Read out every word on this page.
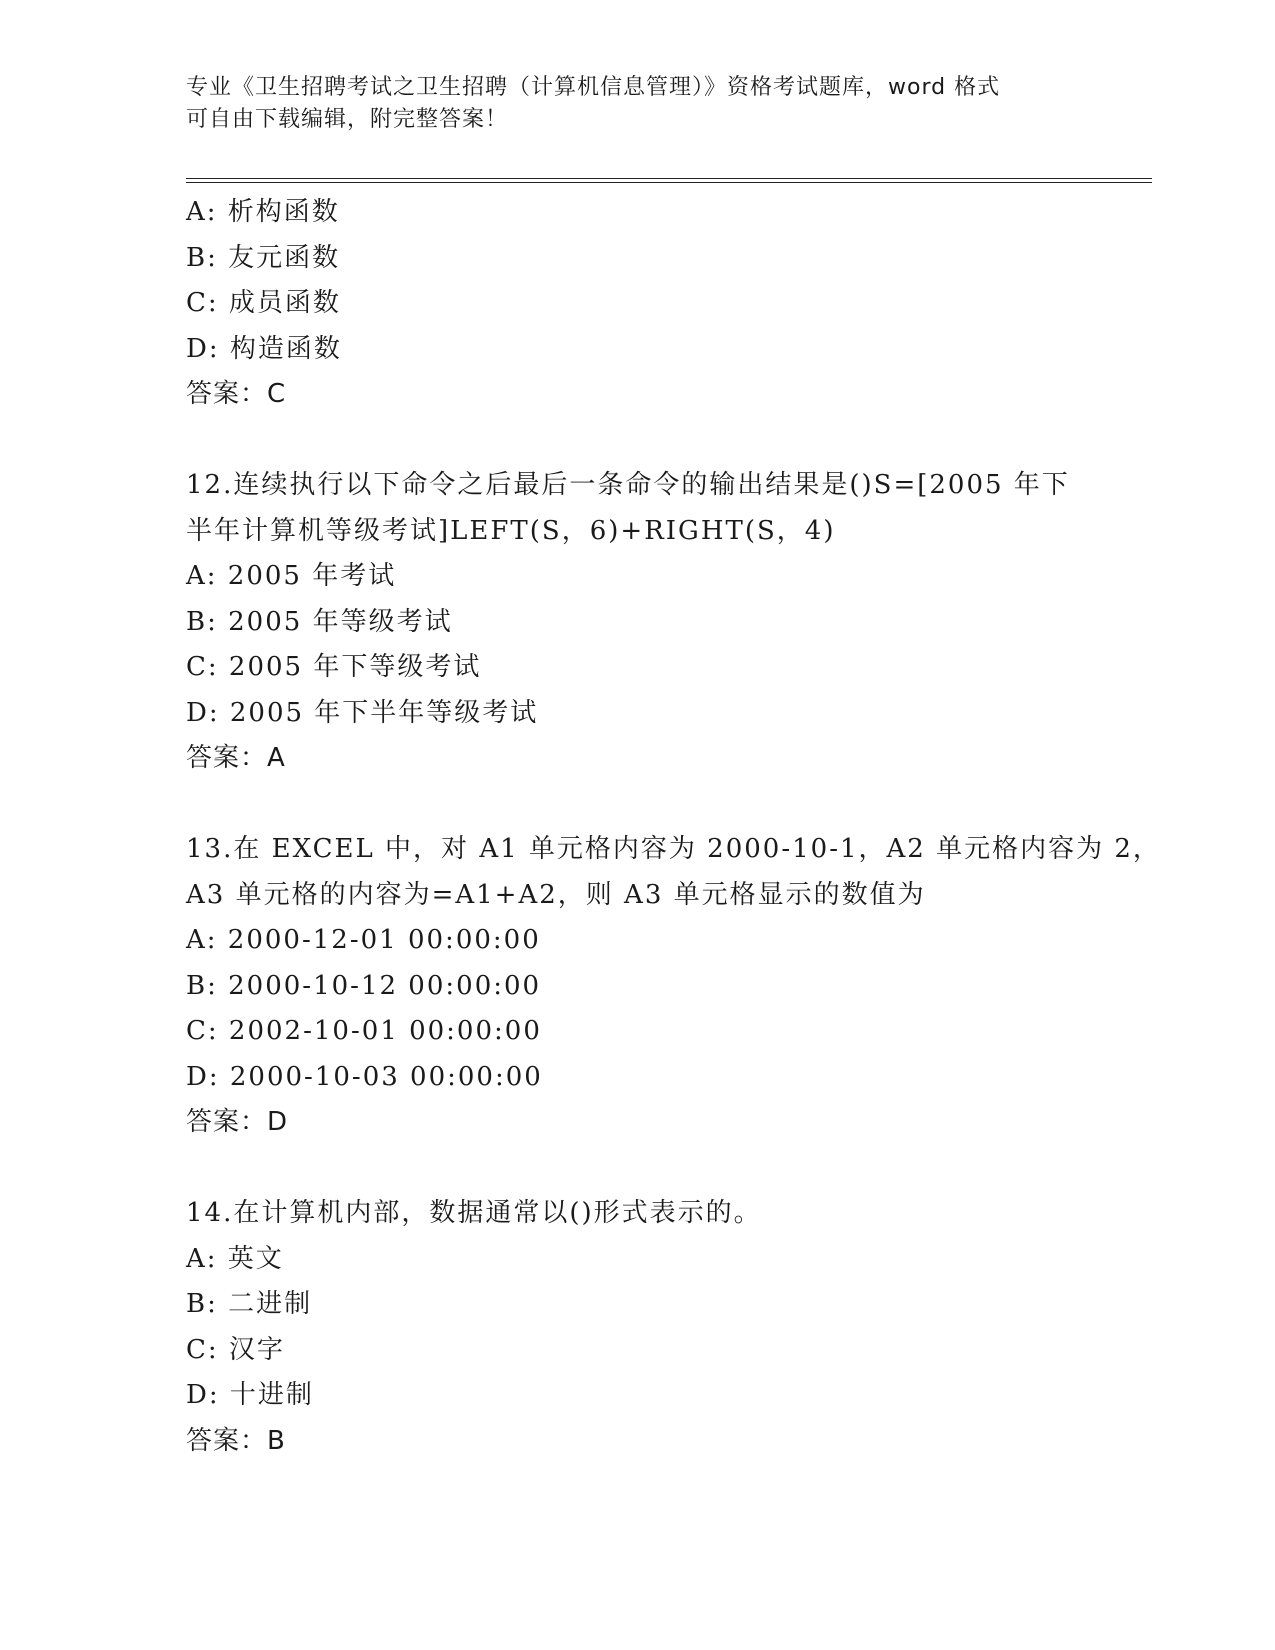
专业《卫生招聘考试之卫生招聘（计算机信息管理）》资格考试题库，word 格式
可自由下载编辑，附完整答案！
A: 析构函数
B: 友元函数
C: 成员函数
D: 构造函数
答案：C
12.连续执行以下命令之后最后一条命令的输出结果是()S=[2005 年下
半年计算机等级考试]LEFT(S，6)+RIGHT(S，4)
A: 2005 年考试
B: 2005 年等级考试
C: 2005 年下等级考试
D: 2005 年下半年等级考试
答案：A
13.在 EXCEL 中，对 A1 单元格内容为 2000-10-1，A2 单元格内容为 2，
A3 单元格的内容为=A1+A2，则 A3 单元格显示的数值为
A: 2000-12-01 00:00:00
B: 2000-10-12 00:00:00
C: 2002-10-01 00:00:00
D: 2000-10-03 00:00:00
答案：D
14.在计算机内部，数据通常以()形式表示的。
A: 英文
B: 二进制
C: 汉字
D: 十进制
答案：B
